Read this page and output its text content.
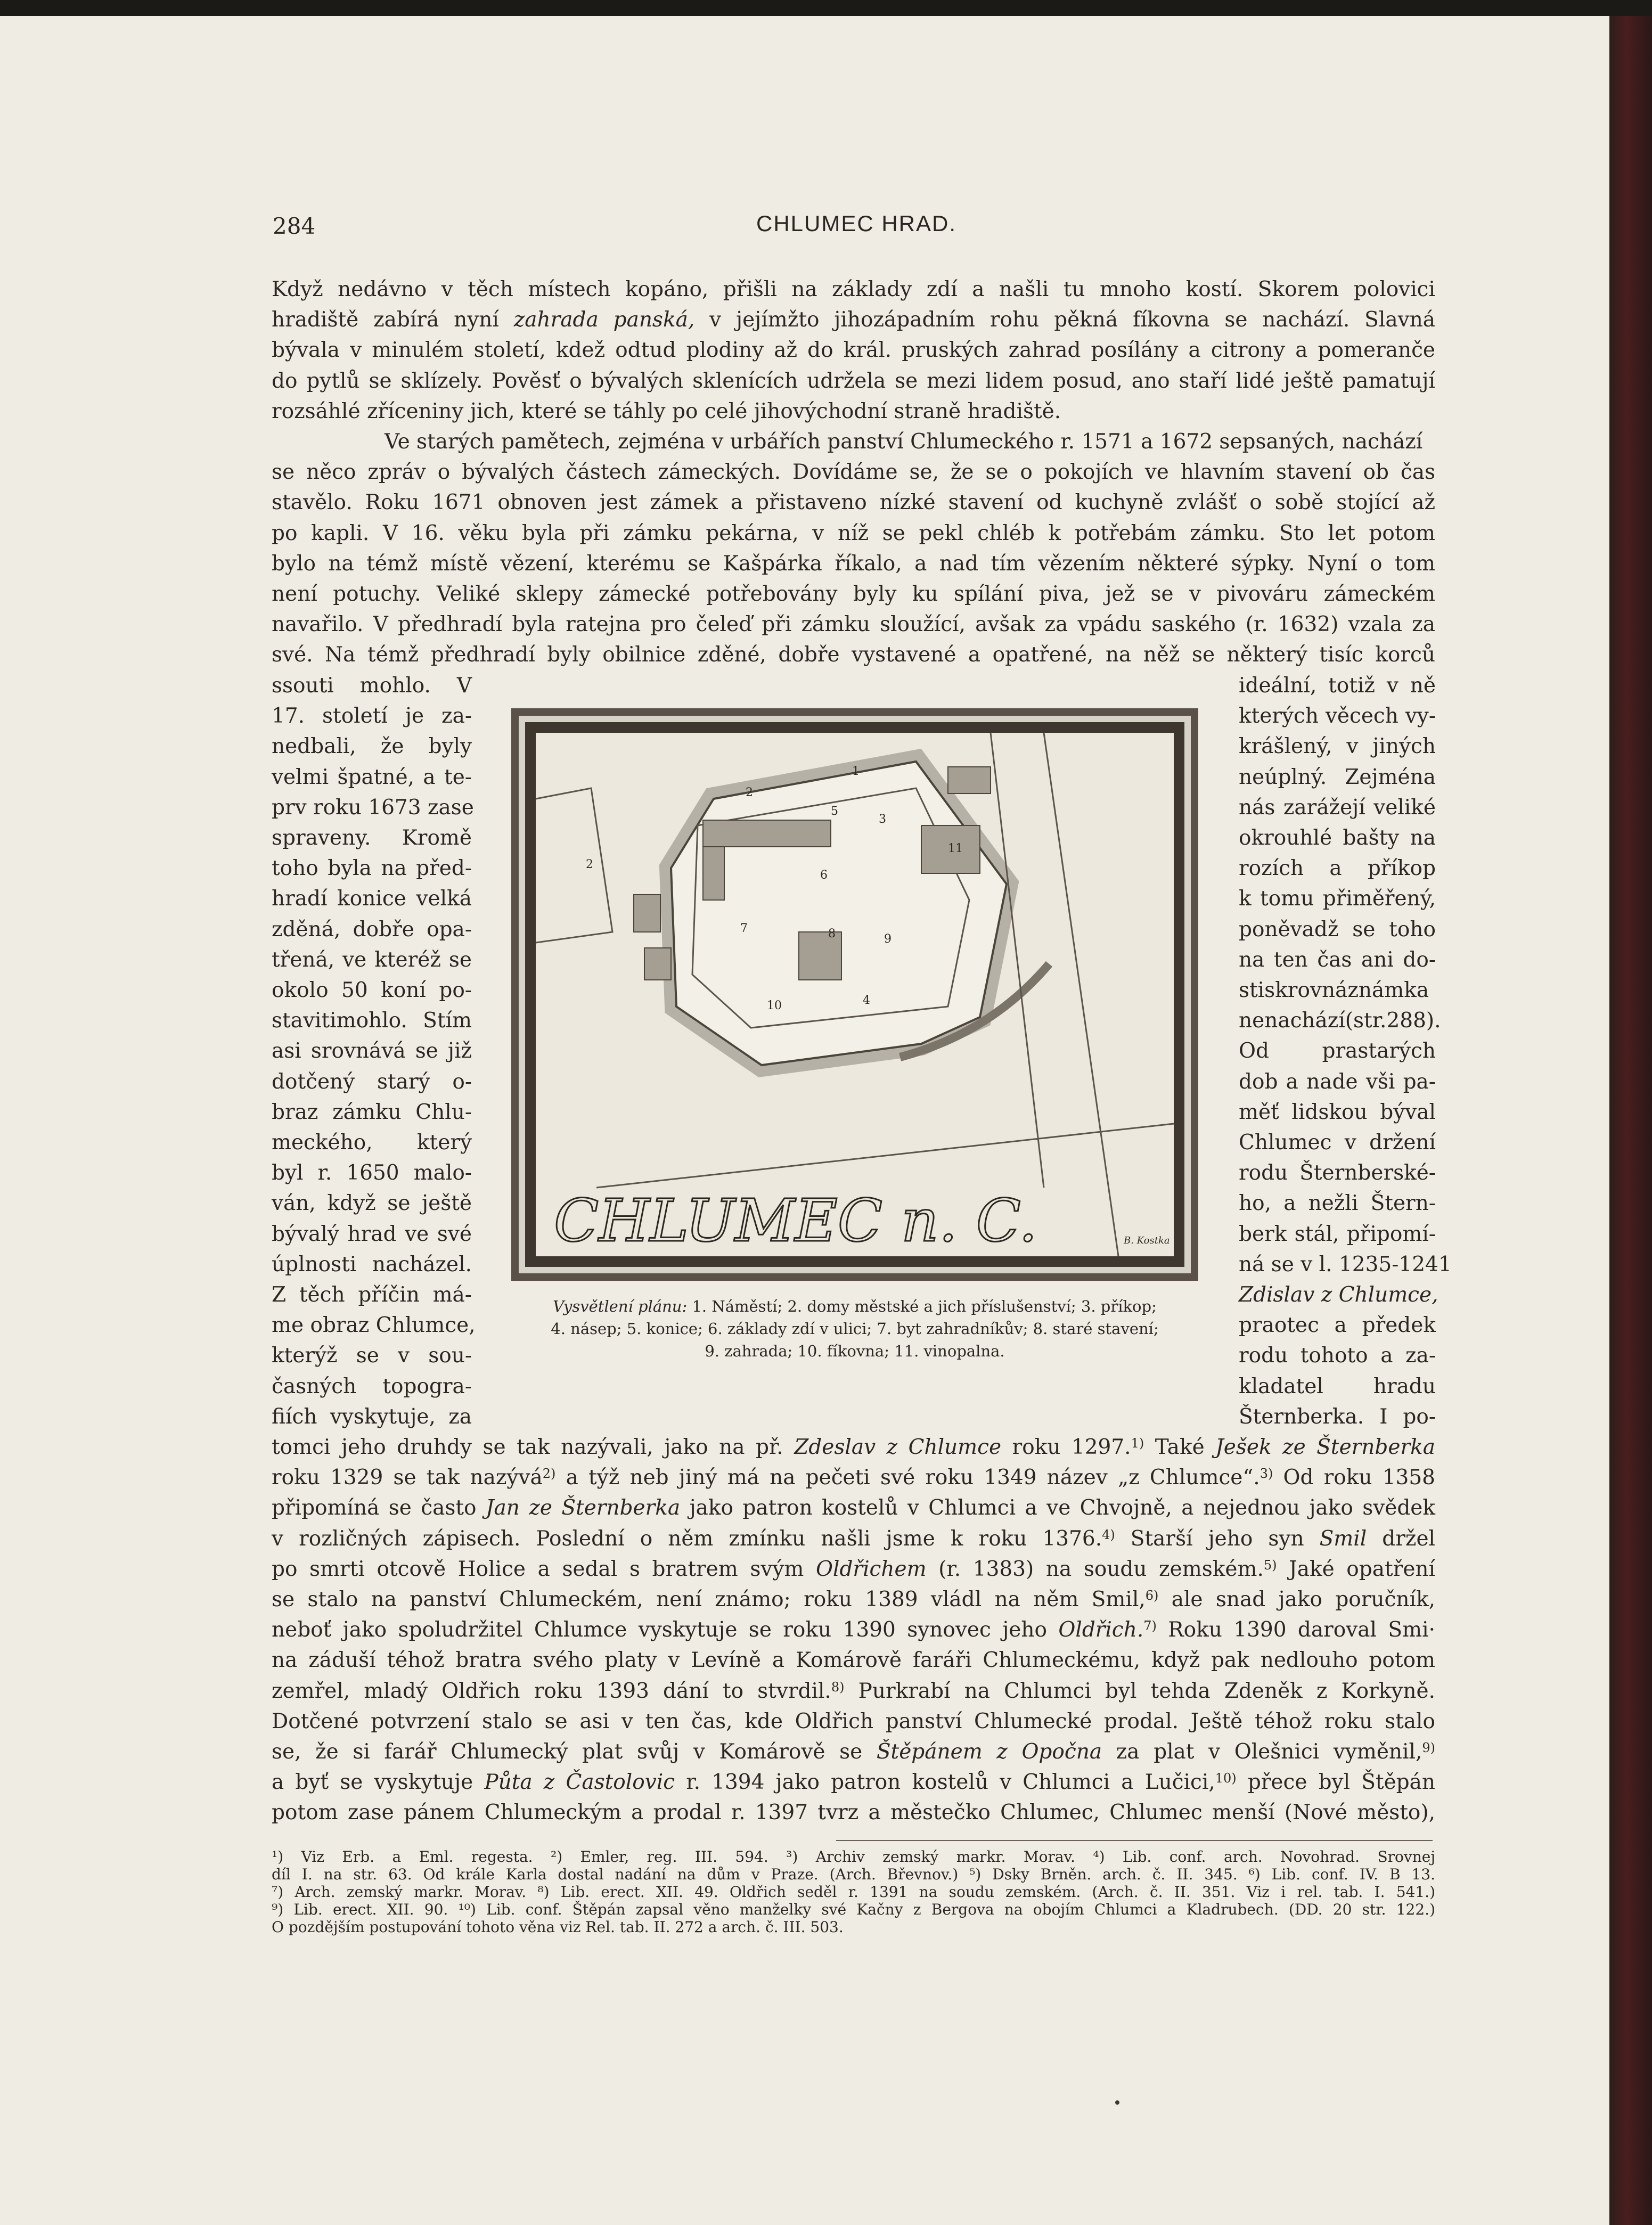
284	CHLUMEC HRAD.
Když nedávno v těch místech kopáno, přišli na základy zdí a našli tu mnoho kostí. Skorem polovici
hradiště zabírá nyní zahrada panská, v jejímžto jihozápadním rohu pěkná fíkovna se nachází. Slavná
bývala v minulém století, kdež odtud plodiny až do král. pruských zahrad posílány a citrony a pomeranče
do pytlů se sklízely. Pověsť o bývalých sklenících udržela se mezi lidem posud, ano staří lidé ještě pamatují
rozsáhlé zříceniny jich, které se táhly po celé jihovýchodní straně hradiště.
Ve starých pamětech, zejména v urbářích panství Chlumeckého r. 1571 a 1672 sepsaných, nachází
se něco zpráv o bývalých částech zámeckých. Dovídáme se, že se o pokojích ve hlavním stavení ob čas
stavělo. Roku 1671 obnoven jest zámek a přistaveno nízké stavení od kuchyně zvlášť o sobě stojící až
po kapli. V 16. věku byla při zámku pekárna, v níž se pekl chléb k potřebám zámku. Sto let potom
bylo na témž místě vězení, kterému se Kašpárka říkalo, a nad tím vězením některé sýpky. Nyní o tom
není potuchy. Veliké sklepy zámecké potřebovány byly ku spílání piva, jež se v pivováru zámeckém
navařilo. V předhradí byla ratejna pro čeleď při zámku sloužící, avšak za vpádu saského (r. 1632) vzala za
své. Na témž předhradí byly obilnice zděné, dobře vystavené a opatřené, na něž se některý tisíc korců
ssouti mohlo. V
17. století je za-
nedbali, že byly
velmi špatné, a te-
prv roku 1673 zase
spraveny. Kromě
toho byla na před-
hradí konice velká
zděná, dobře opa-
třená, ve kteréž se
okolo 50 koní po-
stavitimohlo. Stím
asi srovnává se již
dotčený starý o-
braz zámku Chlu-
meckého, který
byl r. 1650 malo-
ván, když se ještě
bývalý hrad ve své
úplnosti nacházel.
Z těch příčin má-
me obraz Chlumce,
kterýž se v sou-
časných topogra-
fiích vyskytuje, za
ideální, totiž v ně
kterých věcech vy-
krášlený, v jiných
neúplný. Zejména
nás zarážejí veliké
okrouhlé bašty na
rozích a příkop
k tomu přiměřený,
poněvadž se toho
na ten čas ani do-
stiskrovnáznámka
nenachází(str.288).
Od prastarých
dob a nade vši pa-
měť lidskou býval
Chlumec v držení
rodu Šternberské-
ho, a nežli Štern-
berk stál, připomí-
ná se v l. 1235-1241
Zdislav z Chlumce,
praotec a předek
rodu tohoto a za-
kladatel hradu
Šternberka. I po-
tomci jeho druhdy se tak nazývali, jako na př. Zdeslav z Chlumce roku 1297.$^{1)}$ Také Ješek ze Šternberka
roku 1329 se tak nazývá$^{2)}$ a týž neb jiný má na pečeti své roku 1349 název „z Chlumce“.$^{3)}$ Od roku 1358
připomíná se často Jan ze Šternberka jako patron kostelů v Chlumci a ve Chvojně, a nejednou jako svědek
v rozličných zápisech. Poslední o něm zmínku našli jsme k roku 1376.$^{4)}$ Starší jeho syn Smil držel
po smrti otcově Holice a sedal s bratrem svým Oldřichem (r. 1383) na soudu zemském.$^{5)}$ Jaké opatření
se stalo na panství Chlumeckém, není známo; roku 1389 vládl na něm Smil,$^{6)}$ ale snad jako poručník,
neboť jako spoludržitel Chlumce vyskytuje se roku 1390 synovec jeho Oldřich.$^{7)}$ Roku 1390 daroval Smi·
na záduší téhož bratra svého platy v Levíně a Komárově faráři Chlumeckému, když pak nedlouho potom
zemřel, mladý Oldřich roku 1393 dání to stvrdil.$^{8)}$ Purkrabí na Chlumci byl tehda Zdeněk z Korkyně.
Dotčené potvrzení stalo se asi v ten čas, kde Oldřich panství Chlumecké prodal. Ještě téhož roku stalo
se, že si farář Chlumecký plat svůj v Komárově se Štěpánem z Opočna za plat v Olešnici vyměnil,$^{9)}$
a byť se vyskytuje Půta z Častolovic r. 1394 jako patron kostelů v Chlumci a Lučici,$^{10)}$ přece byl Štěpán
potom zase pánem Chlumeckým a prodal r. 1397 tvrz a městečko Chlumec, Chlumec menší (Nové město),
1
2
2
3
4
5
6
7	8	9
10
11
CHLUMEC n. C.	B. Kostka
Vysvětlení plánu: 1. Náměstí; 2. domy městské a jich příslušenství; 3. příkop;
4. násep; 5. konice; 6. základy zdí v ulici; 7. byt zahradníkův; 8. staré stavení;
9. zahrada; 10. fíkovna; 11. vinopalna.
¹) Viz Erb. a Eml. regesta. ²) Emler, reg. III. 594. ³) Archiv zemský markr. Morav. ⁴) Lib. conf. arch. Novohrad. Srovnej
díl I. na str. 63. Od krále Karla dostal nadání na dům v Praze. (Arch. Břevnov.) ⁵) Dsky Brněn. arch. č. II. 345. ⁶) Lib. conf. IV. B 13.
⁷) Arch. zemský markr. Morav. ⁸) Lib. erect. XII. 49. Oldřich seděl r. 1391 na soudu zemském. (Arch. č. II. 351. Viz i rel. tab. I. 541.)
⁹) Lib. erect. XII. 90. ¹⁰) Lib. conf. Štěpán zapsal věno manželky své Kačny z Bergova na obojím Chlumci a Kladrubech. (DD. 20 str. 122.)
O pozdějším postupování tohoto věna viz Rel. tab. II. 272 a arch. č. III. 503.
